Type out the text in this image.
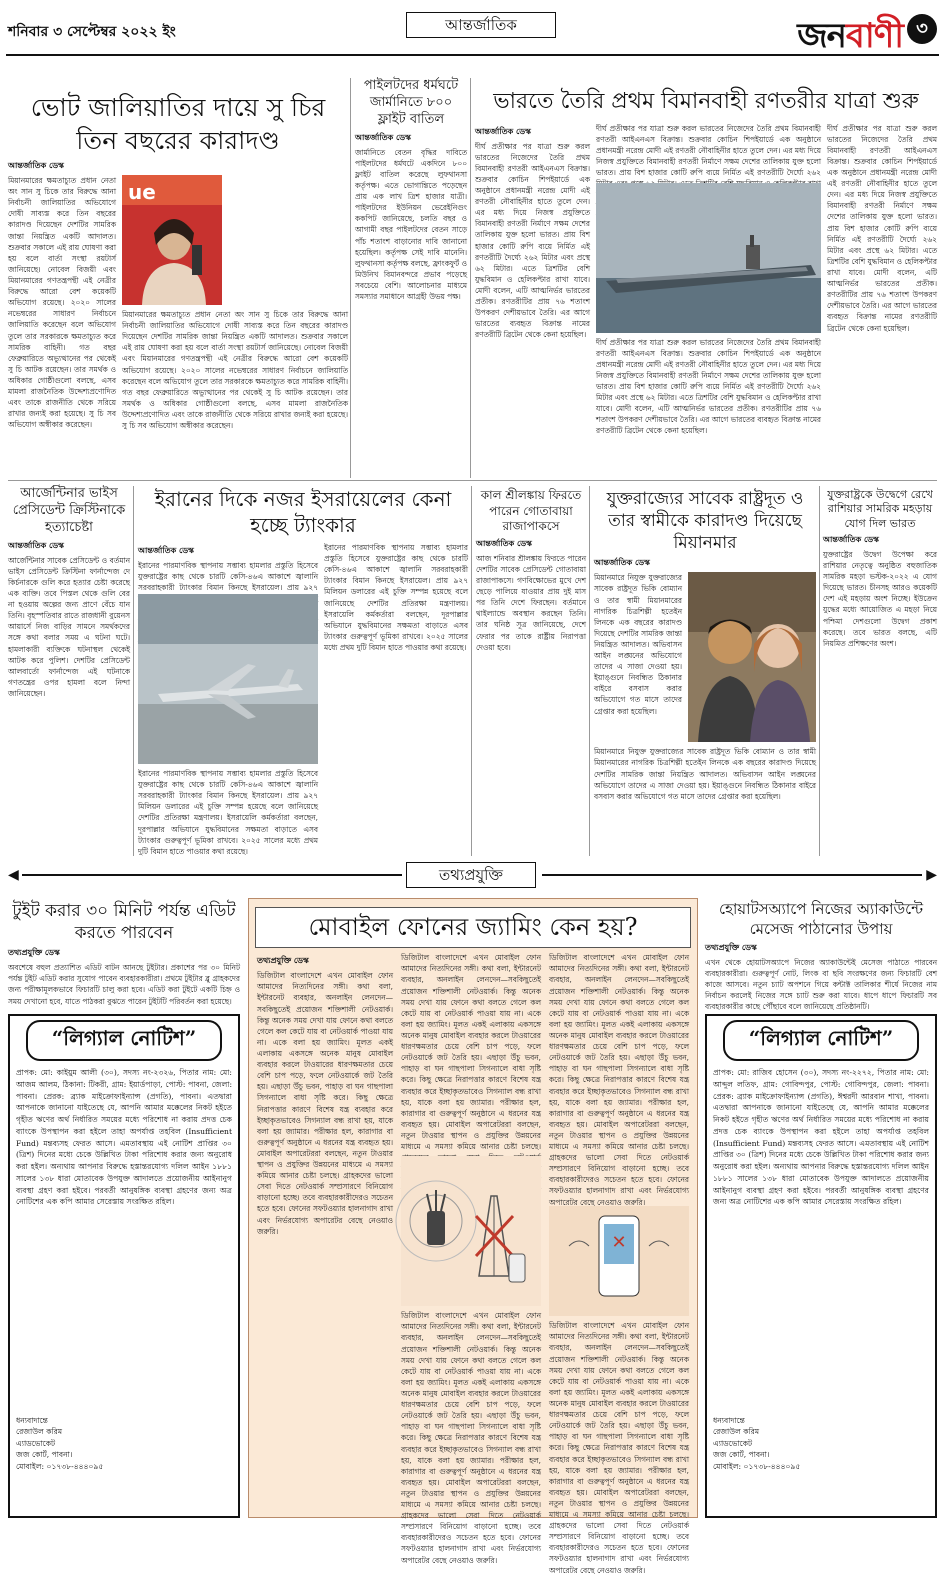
শনিবার ৩ সেপ্টেম্বর ২০২২ ইং	আন্তর্জাতিক	জনবাণী ৩
ভোট জালিয়াতির দায়ে সু চির তিন বছরের কারাদণ্ড
আন্তর্জাতিক ডেস্ক
মিয়ানমারের ক্ষমতাচ্যুত প্রধান নেতা অং সান সু চিকে তার বিরুদ্ধে আনা নির্বাচনী জালিয়াতির অভিযোগে দোষী সাব্যস্ত করে তিন বছরের কারাদণ্ড দিয়েছেন দেশটির সামরিক জান্তা নিয়ন্ত্রিত একটি আদালত। শুক্রবার সকালে এই রায় ঘোষণা করা হয় বলে বার্তা সংস্থা রয়টার্স জানিয়েছে। নোবেল বিজয়ী এবং মিয়ানমারের গণতন্ত্রপন্থী এই নেত্রীর বিরুদ্ধে আরো বেশ কয়েকটি অভিযোগ রয়েছে। ২০২০ সালের নভেম্বরের সাধারণ নির্বাচনে জালিয়াতি করেছেন বলে অভিযোগ তুলে তার সরকারকে ক্ষমতাচ্যুত করে সামরিক বাহিনী। গত বছর ফেব্রুয়ারিতে অভ্যুত্থানের পর থেকেই সু চি আটক রয়েছেন। তার সমর্থক ও অধিকার গোষ্ঠীগুলো বলছে, এসব মামলা রাজনৈতিক উদ্দেশ্যপ্রণোদিত এবং তাকে রাজনীতি থেকে সরিয়ে রাখার জন্যই করা হয়েছে। সু চি সব অভিযোগ অস্বীকার করেছেন।
ue
মিয়ানমারের ক্ষমতাচ্যুত প্রধান নেতা অং সান সু চিকে তার বিরুদ্ধে আনা নির্বাচনী জালিয়াতির অভিযোগে দোষী সাব্যস্ত করে তিন বছরের কারাদণ্ড দিয়েছেন দেশটির সামরিক জান্তা নিয়ন্ত্রিত একটি আদালত। শুক্রবার সকালে এই রায় ঘোষণা করা হয় বলে বার্তা সংস্থা রয়টার্স জানিয়েছে। নোবেল বিজয়ী এবং মিয়ানমারের গণতন্ত্রপন্থী এই নেত্রীর বিরুদ্ধে আরো বেশ কয়েকটি অভিযোগ রয়েছে। ২০২০ সালের নভেম্বরের সাধারণ নির্বাচনে জালিয়াতি করেছেন বলে অভিযোগ তুলে তার সরকারকে ক্ষমতাচ্যুত করে সামরিক বাহিনী। গত বছর ফেব্রুয়ারিতে অভ্যুত্থানের পর থেকেই সু চি আটক রয়েছেন। তার সমর্থক ও অধিকার গোষ্ঠীগুলো বলছে, এসব মামলা রাজনৈতিক উদ্দেশ্যপ্রণোদিত এবং তাকে রাজনীতি থেকে সরিয়ে রাখার জন্যই করা হয়েছে। সু চি সব অভিযোগ অস্বীকার করেছেন।
পাইলটদের ধর্মঘটে জার্মানিতে ৮০০ ফ্লাইট বাতিল
আন্তর্জাতিক ডেস্ক
জার্মানিতে বেতন বৃদ্ধির দাবিতে পাইলটদের ধর্মঘটে একদিনে ৮০০ ফ্লাইট বাতিল করেছে লুফথানসা কর্তৃপক্ষ। এতে ভোগান্তিতে পড়েছেন প্রায় এক লাখ ত্রিশ হাজার যাত্রী। পাইলটদের ইউনিয়ন ভেরেইনিগুং ককপিট জানিয়েছে, চলতি বছর ও আগামী বছর পাইলটদের বেতন সাড়ে পাঁচ শতাংশ বাড়ানোর দাবি জানানো হয়েছিল। কর্তৃপক্ষ সেই দাবি মানেনি। লুফথানসা কর্তৃপক্ষ বলছে, ফ্রাংকফুর্ট ও মিউনিখ বিমানবন্দরে প্রভাব পড়েছে সবচেয়ে বেশি। আলোচনার মাধ্যমে সমস্যার সমাধানে আগ্রহী উভয় পক্ষ।
ভারতে তৈরি প্রথম বিমানবাহী রণতরীর যাত্রা শুরু
আন্তর্জাতিক ডেস্ক
দীর্ঘ প্রতীক্ষার পর যাত্রা শুরু করল ভারতের নিজেদের তৈরি প্রথম বিমানবাহী রণতরী আইএনএস বিক্রান্ত। শুক্রবার কোচিন শিপইয়ার্ডে এক অনুষ্ঠানে প্রধানমন্ত্রী নরেন্দ্র মোদী এই রণতরী নৌবাহিনীর হাতে তুলে দেন। এর মধ্য দিয়ে নিজস্ব প্রযুক্তিতে বিমানবাহী রণতরী নির্মাণে সক্ষম দেশের তালিকায় যুক্ত হলো ভারত। প্রায় বিশ হাজার কোটি রুপি ব্যয়ে নির্মিত এই রণতরীটি দৈর্ঘ্যে ২৬২ মিটার এবং প্রস্থে ৬২ মিটার। এতে ত্রিশটির বেশি যুদ্ধবিমান ও হেলিকপ্টার রাখা যাবে। মোদী বলেন, এটি আত্মনির্ভর ভারতের প্রতীক। রণতরীটির প্রায় ৭৬ শতাংশ উপকরণ দেশীয়ভাবে তৈরি। এর আগে ভারতের ব্যবহৃত বিক্রান্ত নামের রণতরীটি ব্রিটেন থেকে কেনা হয়েছিল।
দীর্ঘ প্রতীক্ষার পর যাত্রা শুরু করল ভারতের নিজেদের তৈরি প্রথম বিমানবাহী রণতরী আইএনএস বিক্রান্ত। শুক্রবার কোচিন শিপইয়ার্ডে এক অনুষ্ঠানে প্রধানমন্ত্রী নরেন্দ্র মোদী এই রণতরী নৌবাহিনীর হাতে তুলে দেন। এর মধ্য দিয়ে নিজস্ব প্রযুক্তিতে বিমানবাহী রণতরী নির্মাণে সক্ষম দেশের তালিকায় যুক্ত হলো ভারত। প্রায় বিশ হাজার কোটি রুপি ব্যয়ে নির্মিত এই রণতরীটি দৈর্ঘ্যে ২৬২
দীর্ঘ প্রতীক্ষার পর যাত্রা শুরু করল ভারতের নিজেদের তৈরি প্রথম বিমানবাহী রণতরী আইএনএস বিক্রান্ত। শুক্রবার কোচিন শিপইয়ার্ডে এক অনুষ্ঠানে প্রধানমন্ত্রী নরেন্দ্র মোদী এই রণতরী নৌবাহিনীর হাতে তুলে দেন। এর মধ্য দিয়ে নিজস্ব প্রযুক্তিতে বিমানবাহী রণতরী নির্মাণে সক্ষম দেশের তালিকায় যুক্ত হলো ভারত। প্রায় বিশ হাজার কোটি রুপি ব্যয়ে নির্মিত এই রণতরীটি দৈর্ঘ্যে ২৬২ মিটার এবং প্রস্থে ৬২ মিটার। এতে ত্রিশটির বেশি যুদ্ধবিমান ও হেলিকপ্টার রাখা যাবে। মোদী বলেন, এটি আত্মনির্ভর ভারতের প্রতীক। রণতরীটির প্রায় ৭৬ শতাংশ উপকরণ দেশীয়ভাবে তৈরি। এর আগে ভারতের ব্যবহৃত বিক্রান্ত নামের রণতরীটি ব্রিটেন থেকে কেনা হয়েছিল।
দীর্ঘ প্রতীক্ষার পর যাত্রা শুরু করল ভারতের নিজেদের তৈরি প্রথম বিমানবাহী রণতরী আইএনএস বিক্রান্ত। শুক্রবার কোচিন শিপইয়ার্ডে এক অনুষ্ঠানে প্রধানমন্ত্রী নরেন্দ্র মোদী এই রণতরী নৌবাহিনীর হাতে তুলে দেন। এর মধ্য দিয়ে নিজস্ব প্রযুক্তিতে বিমানবাহী রণতরী নির্মাণে সক্ষম দেশের তালিকায় যুক্ত হলো ভারত। প্রায় বিশ হাজার কোটি রুপি ব্যয়ে নির্মিত এই রণতরীটি দৈর্ঘ্যে ২৬২ মিটার এবং প্রস্থে ৬২ মিটার। এতে ত্রিশটির বেশি যুদ্ধবিমান ও হেলিকপ্টার রাখা যাবে। মোদী বলেন, এটি আত্মনির্ভর ভারতের প্রতীক। রণতরীটির প্রায় ৭৬ শতাংশ উপকরণ দেশীয়ভাবে তৈরি। এর আগে ভারতের ব্যবহৃত বিক্রান্ত নামের রণতরীটি ব্রিটেন থেকে কেনা হয়েছিল।
আর্জেন্টিনার ভাইস প্রেসিডেন্ট ক্রিস্টিনাকে হত্যাচেষ্টা
আন্তর্জাতিক ডেস্ক
আর্জেন্টিনার সাবেক প্রেসিডেন্ট ও বর্তমান ভাইস প্রেসিডেন্ট ক্রিস্টিনা ফার্নান্দেজ দে কির্চনারকে গুলি করে হত্যার চেষ্টা করেছে এক ব্যক্তি। তবে পিস্তল থেকে গুলি বের না হওয়ায় অল্পের জন্য প্রাণে বেঁচে যান তিনি। বৃহস্পতিবার রাতে রাজধানী বুয়েনস আয়ার্সে নিজ বাড়ির সামনে সমর্থকদের সঙ্গে কথা বলার সময় এ ঘটনা ঘটে। হামলাকারী ব্যক্তিকে ঘটনাস্থল থেকেই আটক করে পুলিশ। দেশটির প্রেসিডেন্ট আলবার্তো ফার্নান্দেজ এই ঘটনাকে গণতন্ত্রের ওপর হামলা বলে নিন্দা জানিয়েছেন।
ইরানের দিকে নজর ইসরায়েলের কেনা হচ্ছে ট্যাংকার
আন্তর্জাতিক ডেস্ক
ইরানের পারমাণবিক স্থাপনায় সম্ভাব্য হামলার প্রস্তুতি হিসেবে যুক্তরাষ্ট্রের কাছ থেকে চারটি কেসি-৪৬এ আকাশে জ্বালানি সরবরাহকারী ট্যাংকার বিমান কিনছে ইসরায়েল। প্রায় ৯২৭
ইরানের পারমাণবিক স্থাপনায় সম্ভাব্য হামলার প্রস্তুতি হিসেবে যুক্তরাষ্ট্রের কাছ থেকে চারটি কেসি-৪৬এ আকাশে জ্বালানি সরবরাহকারী ট্যাংকার বিমান কিনছে ইসরায়েল। প্রায় ৯২৭ মিলিয়ন ডলারের এই চুক্তি সম্পন্ন হয়েছে বলে জানিয়েছে দেশটির প্রতিরক্ষা মন্ত্রণালয়। ইসরায়েলি কর্মকর্তারা বলছেন, দূরপাল্লার অভিযানে যুদ্ধবিমানের সক্ষমতা বাড়াতে এসব ট্যাংকার গুরুত্বপূর্ণ ভূমিকা রাখবে। ২০২৫ সালের মধ্যে প্রথম দুটি বিমান হাতে পাওয়ার কথা রয়েছে।
ইরানের পারমাণবিক স্থাপনায় সম্ভাব্য হামলার প্রস্তুতি হিসেবে যুক্তরাষ্ট্রের কাছ থেকে চারটি কেসি-৪৬এ আকাশে জ্বালানি সরবরাহকারী ট্যাংকার বিমান কিনছে ইসরায়েল। প্রায় ৯২৭ মিলিয়ন ডলারের এই চুক্তি সম্পন্ন হয়েছে বলে জানিয়েছে দেশটির প্রতিরক্ষা মন্ত্রণালয়। ইসরায়েলি কর্মকর্তারা বলছেন, দূরপাল্লার অভিযানে যুদ্ধবিমানের সক্ষমতা বাড়াতে এসব ট্যাংকার গুরুত্বপূর্ণ ভূমিকা রাখবে। ২০২৫ সালের মধ্যে প্রথম দুটি বিমান হাতে পাওয়ার কথা রয়েছে।
কাল শ্রীলঙ্কায় ফিরতে পারেন গোতাবায়া রাজাপাকসে
আন্তর্জাতিক ডেস্ক
আজ শনিবার শ্রীলঙ্কায় ফিরতে পারেন দেশটির সাবেক প্রেসিডেন্ট গোতাবায়া রাজাপাকসে। গণবিক্ষোভের মুখে দেশ ছেড়ে পালিয়ে যাওয়ার প্রায় দুই মাস পর তিনি দেশে ফিরছেন। বর্তমানে থাইল্যান্ডে অবস্থান করছেন তিনি। তার ঘনিষ্ঠ সূত্র জানিয়েছে, দেশে ফেরার পর তাকে রাষ্ট্রীয় নিরাপত্তা দেওয়া হবে।
যুক্তরাজ্যের সাবেক রাষ্ট্রদূত ও তার স্বামীকে কারাদণ্ড দিয়েছে মিয়ানমার
আন্তর্জাতিক ডেস্ক
মিয়ানমারে নিযুক্ত যুক্তরাজ্যের সাবেক রাষ্ট্রদূত ভিকি বোম্যান ও তার স্বামী মিয়ানমারের নাগরিক চিত্রশিল্পী হতেইন লিনকে এক বছরের কারাদণ্ড দিয়েছে দেশটির সামরিক জান্তা নিয়ন্ত্রিত আদালত। অভিবাসন আইন লঙ্ঘনের অভিযোগে তাদের এ সাজা দেওয়া হয়। ইয়াঙ্গুনে নিবন্ধিত ঠিকানার বাইরে বসবাস করার অভিযোগে গত মাসে তাদের গ্রেপ্তার করা হয়েছিল।
মিয়ানমারে নিযুক্ত যুক্তরাজ্যের সাবেক রাষ্ট্রদূত ভিকি বোম্যান ও তার স্বামী মিয়ানমারের নাগরিক চিত্রশিল্পী হতেইন লিনকে এক বছরের কারাদণ্ড দিয়েছে দেশটির সামরিক জান্তা নিয়ন্ত্রিত আদালত। অভিবাসন আইন লঙ্ঘনের অভিযোগে তাদের এ সাজা দেওয়া হয়। ইয়াঙ্গুনে নিবন্ধিত ঠিকানার বাইরে বসবাস করার অভিযোগে গত মাসে তাদের গ্রেপ্তার করা হয়েছিল।
যুক্তরাষ্ট্রকে উদ্বেগে রেখে রাশিয়ার সামরিক মহড়ায় যোগ দিল ভারত
আন্তর্জাতিক ডেস্ক
যুক্তরাষ্ট্রের উদ্বেগ উপেক্ষা করে রাশিয়ার নেতৃত্বে অনুষ্ঠিত বহুজাতিক সামরিক মহড়া ভস্টক-২০২২ এ যোগ দিয়েছে ভারত। চীনসহ আরও কয়েকটি দেশ এই মহড়ায় অংশ নিচ্ছে। ইউক্রেন যুদ্ধের মধ্যে আয়োজিত এ মহড়া নিয়ে পশ্চিমা দেশগুলো উদ্বেগ প্রকাশ করেছে। তবে ভারত বলছে, এটি নিয়মিত প্রশিক্ষণের অংশ।
◀	তথ্যপ্রযুক্তি	▶
টুইট করার ৩০ মিনিট পর্যন্ত এডিট করতে পারবেন
তথ্যপ্রযুক্তি ডেস্ক
অবশেষে বহুল প্রত্যাশিত এডিট বাটন আনছে টুইটার। প্রকাশের পর ৩০ মিনিট পর্যন্ত টুইট এডিট করার সুযোগ পাবেন ব্যবহারকারীরা। প্রথমে টুইটার ব্লু গ্রাহকদের জন্য পরীক্ষামূলকভাবে ফিচারটি চালু করা হবে। এডিট করা টুইটে একটি চিহ্ন ও সময় দেখানো হবে, যাতে পাঠকরা বুঝতে পারেন টুইটটি পরিবর্তন করা হয়েছে।
“লিগ্যাল নোটিশ”
প্রাপক: মো: কাইয়ুম আলী (৩০), সদস্য নং-২৩২৬, পিতার নাম: মো: আজম আলম, ঠিকানা: টিকরী, গ্রাম: ইয়ার্ডপাড়া, পোস্ট: পাবনা, জেলা: পাবনা। প্রেরক: ব্র্যাক মাইক্রোফাইন্যান্স (প্রগতি), পাবনা। এতদ্বারা আপনাকে জানানো যাইতেছে যে, আপনি আমার মক্কেলের নিকট হইতে গৃহীত ঋণের অর্থ নির্ধারিত সময়ের মধ্যে পরিশোধ না করায় প্রদত্ত চেক ব্যাংকে উপস্থাপন করা হইলে তাহা অপর্যাপ্ত তহবিল (Insufficient Fund) মন্তব্যসহ ফেরত আসে। এমতাবস্থায় এই নোটিশ প্রাপ্তির ৩০ (ত্রিশ) দিনের মধ্যে চেকে উল্লিখিত টাকা পরিশোধ করার জন্য অনুরোধ করা হইল। অন্যথায় আপনার বিরুদ্ধে হস্তান্তরযোগ্য দলিল আইন ১৮৮১ সালের ১৩৮ ধারা মোতাবেক উপযুক্ত আদালতে প্রয়োজনীয় আইনানুগ ব্যবস্থা গ্রহণ করা হইবে। পরবর্তী আনুষঙ্গিক ব্যবস্থা গ্রহণের জন্য অত্র নোটিশের এক কপি আমার সেরেস্তায় সংরক্ষিত রহিল।
ধন্যবাদান্তে
রেজাউল করিম
এ্যাডভোকেট
জজ কোর্ট, পাবনা।
মোবাইল: ০১৭৩৮-৪৪৪০৯৫
মোবাইল ফোনের জ্যামিং কেন হয়?
তথ্যপ্রযুক্তি ডেস্ক
ডিজিটাল বাংলাদেশে এখন মোবাইল ফোন আমাদের নিত্যদিনের সঙ্গী। কথা বলা, ইন্টারনেট ব্যবহার, অনলাইন লেনদেন—সবকিছুতেই প্রয়োজন শক্তিশালী নেটওয়ার্ক। কিন্তু অনেক সময় দেখা যায় ফোনে কথা বলতে গেলে কল কেটে যায় বা নেটওয়ার্ক পাওয়া যায় না। একে বলা হয় জ্যামিং। মূলত একই এলাকায় একসঙ্গে অনেক মানুষ মোবাইল ব্যবহার করলে টাওয়ারের ধারণক্ষমতার চেয়ে বেশি চাপ পড়ে, ফলে নেটওয়ার্কে জট তৈরি হয়। এছাড়া উঁচু ভবন, পাহাড় বা ঘন গাছপালা সিগন্যালে বাধা সৃষ্টি করে। কিছু ক্ষেত্রে নিরাপত্তার কারণে বিশেষ যন্ত্র ব্যবহার করে ইচ্ছাকৃতভাবেও সিগন্যাল বন্ধ রাখা হয়, যাকে বলা হয় জ্যামার। পরীক্ষার হল, কারাগার বা গুরুত্বপূর্ণ অনুষ্ঠানে এ ধরনের যন্ত্র ব্যবহৃত হয়। মোবাইল অপারেটররা বলছেন, নতুন টাওয়ার স্থাপন ও প্রযুক্তির উন্নয়নের মাধ্যমে এ সমস্যা কমিয়ে আনার চেষ্টা চলছে। গ্রাহকদের ভালো সেবা দিতে নেটওয়ার্ক সম্প্রসারণে বিনিয়োগ বাড়ানো হচ্ছে। তবে ব্যবহারকারীদেরও সচেতন হতে হবে। ফোনের সফটওয়্যার হালনাগাদ রাখা এবং নির্ভরযোগ্য অপারেটর বেছে নেওয়াও জরুরি।
ডিজিটাল বাংলাদেশে এখন মোবাইল ফোন আমাদের নিত্যদিনের সঙ্গী। কথা বলা, ইন্টারনেট ব্যবহার, অনলাইন লেনদেন—সবকিছুতেই প্রয়োজন শক্তিশালী নেটওয়ার্ক। কিন্তু অনেক সময় দেখা যায় ফোনে কথা বলতে গেলে কল কেটে যায় বা নেটওয়ার্ক পাওয়া যায় না। একে বলা হয় জ্যামিং। মূলত একই এলাকায় একসঙ্গে অনেক মানুষ মোবাইল ব্যবহার করলে টাওয়ারের ধারণক্ষমতার চেয়ে বেশি চাপ পড়ে, ফলে নেটওয়ার্কে জট তৈরি হয়। এছাড়া উঁচু ভবন, পাহাড় বা ঘন গাছপালা সিগন্যালে বাধা সৃষ্টি করে। কিছু ক্ষেত্রে নিরাপত্তার কারণে বিশেষ যন্ত্র ব্যবহার করে ইচ্ছাকৃতভাবেও সিগন্যাল বন্ধ রাখা হয়, যাকে বলা হয় জ্যামার। পরীক্ষার হল, কারাগার বা গুরুত্বপূর্ণ অনুষ্ঠানে এ ধরনের যন্ত্র ব্যবহৃত হয়। মোবাইল অপারেটররা বলছেন, নতুন টাওয়ার স্থাপন ও প্রযুক্তির উন্নয়নের মাধ্যমে এ সমস্যা কমিয়ে আনার চেষ্টা চলছে।
ডিজিটাল বাংলাদেশে এখন মোবাইল ফোন আমাদের নিত্যদিনের সঙ্গী। কথা বলা, ইন্টারনেট ব্যবহার, অনলাইন লেনদেন—সবকিছুতেই প্রয়োজন শক্তিশালী নেটওয়ার্ক। কিন্তু অনেক সময় দেখা যায় ফোনে কথা বলতে গেলে কল কেটে যায় বা নেটওয়ার্ক পাওয়া যায় না। একে বলা হয় জ্যামিং। মূলত একই এলাকায় একসঙ্গে অনেক মানুষ মোবাইল ব্যবহার করলে টাওয়ারের ধারণক্ষমতার চেয়ে বেশি চাপ পড়ে, ফলে নেটওয়ার্কে জট তৈরি হয়। এছাড়া উঁচু ভবন, পাহাড় বা ঘন গাছপালা সিগন্যালে বাধা সৃষ্টি করে। কিছু ক্ষেত্রে নিরাপত্তার কারণে বিশেষ যন্ত্র ব্যবহার করে ইচ্ছাকৃতভাবেও সিগন্যাল বন্ধ রাখা হয়, যাকে বলা হয় জ্যামার। পরীক্ষার হল, কারাগার বা গুরুত্বপূর্ণ অনুষ্ঠানে এ ধরনের যন্ত্র ব্যবহৃত হয়। মোবাইল অপারেটররা বলছেন, নতুন টাওয়ার স্থাপন ও প্রযুক্তির উন্নয়নের মাধ্যমে এ সমস্যা কমিয়ে আনার চেষ্টা চলছে। গ্রাহকদের ভালো সেবা দিতে নেটওয়ার্ক সম্প্রসারণে বিনিয়োগ বাড়ানো হচ্ছে। তবে ব্যবহারকারীদেরও সচেতন হতে হবে। ফোনের সফটওয়্যার হালনাগাদ রাখা এবং নির্ভরযোগ্য অপারেটর বেছে নেওয়াও জরুরি।
ডিজিটাল বাংলাদেশে এখন মোবাইল ফোন আমাদের নিত্যদিনের সঙ্গী। কথা বলা, ইন্টারনেট ব্যবহার, অনলাইন লেনদেন—সবকিছুতেই প্রয়োজন শক্তিশালী নেটওয়ার্ক। কিন্তু অনেক সময় দেখা যায় ফোনে কথা বলতে গেলে কল কেটে যায় বা নেটওয়ার্ক পাওয়া যায় না। একে বলা হয় জ্যামিং। মূলত একই এলাকায় একসঙ্গে অনেক মানুষ মোবাইল ব্যবহার করলে টাওয়ারের ধারণক্ষমতার চেয়ে বেশি চাপ পড়ে, ফলে নেটওয়ার্কে জট তৈরি হয়। এছাড়া উঁচু ভবন, পাহাড় বা ঘন গাছপালা সিগন্যালে বাধা সৃষ্টি করে। কিছু ক্ষেত্রে নিরাপত্তার কারণে বিশেষ যন্ত্র ব্যবহার করে ইচ্ছাকৃতভাবেও সিগন্যাল বন্ধ রাখা হয়, যাকে বলা হয় জ্যামার। পরীক্ষার হল, কারাগার বা গুরুত্বপূর্ণ অনুষ্ঠানে এ ধরনের যন্ত্র ব্যবহৃত হয়। মোবাইল অপারেটররা বলছেন, নতুন টাওয়ার স্থাপন ও প্রযুক্তির উন্নয়নের মাধ্যমে এ সমস্যা কমিয়ে আনার চেষ্টা চলছে। গ্রাহকদের ভালো সেবা দিতে নেটওয়ার্ক সম্প্রসারণে বিনিয়োগ বাড়ানো হচ্ছে। তবে ব্যবহারকারীদেরও সচেতন হতে হবে। ফোনের সফটওয়্যার হালনাগাদ রাখা এবং নির্ভরযোগ্য অপারেটর বেছে নেওয়াও জরুরি।
✕
ডিজিটাল বাংলাদেশে এখন মোবাইল ফোন আমাদের নিত্যদিনের সঙ্গী। কথা বলা, ইন্টারনেট ব্যবহার, অনলাইন লেনদেন—সবকিছুতেই প্রয়োজন শক্তিশালী নেটওয়ার্ক। কিন্তু অনেক সময় দেখা যায় ফোনে কথা বলতে গেলে কল কেটে যায় বা নেটওয়ার্ক পাওয়া যায় না। একে বলা হয় জ্যামিং। মূলত একই এলাকায় একসঙ্গে অনেক মানুষ মোবাইল ব্যবহার করলে টাওয়ারের ধারণক্ষমতার চেয়ে বেশি চাপ পড়ে, ফলে নেটওয়ার্কে জট তৈরি হয়। এছাড়া উঁচু ভবন, পাহাড় বা ঘন গাছপালা সিগন্যালে বাধা সৃষ্টি করে। কিছু ক্ষেত্রে নিরাপত্তার কারণে বিশেষ যন্ত্র ব্যবহার করে ইচ্ছাকৃতভাবেও সিগন্যাল বন্ধ রাখা হয়, যাকে বলা হয় জ্যামার। পরীক্ষার হল, কারাগার বা গুরুত্বপূর্ণ অনুষ্ঠানে এ ধরনের যন্ত্র ব্যবহৃত হয়। মোবাইল অপারেটররা বলছেন, নতুন টাওয়ার স্থাপন ও প্রযুক্তির উন্নয়নের মাধ্যমে এ সমস্যা কমিয়ে আনার চেষ্টা চলছে। গ্রাহকদের ভালো সেবা দিতে নেটওয়ার্ক সম্প্রসারণে বিনিয়োগ বাড়ানো হচ্ছে। তবে ব্যবহারকারীদেরও সচেতন হতে হবে। ফোনের সফটওয়্যার হালনাগাদ রাখা এবং নির্ভরযোগ্য অপারেটর বেছে নেওয়াও জরুরি।
হোয়াটসঅ্যাপে নিজের অ্যাকাউন্টে মেসেজ পাঠানোর উপায়
তথ্যপ্রযুক্তি ডেস্ক
এখন থেকে হোয়াটসঅ্যাপে নিজের অ্যাকাউন্টেই মেসেজ পাঠাতে পারবেন ব্যবহারকারীরা। গুরুত্বপূর্ণ নোট, লিংক বা ছবি সংরক্ষণের জন্য ফিচারটি বেশ কাজে আসবে। নতুন চ্যাট অপশনে গিয়ে কন্টাক্ট তালিকার শীর্ষে নিজের নাম নির্বাচন করলেই নিজের সঙ্গে চ্যাট শুরু করা যাবে। ধাপে ধাপে ফিচারটি সব ব্যবহারকারীর কাছে পৌঁছাবে বলে জানিয়েছে প্রতিষ্ঠানটি।
“লিগ্যাল নোটিশ”
প্রাপক: মো: রাজিব হোসেন (৩০), সদস্য নং-২২৭২, পিতার নাম: মো: আব্দুল লতিফ, গ্রাম: গোবিন্দপুর, পোস্ট: গোবিন্দপুর, জেলা: পাবনা। প্রেরক: ব্র্যাক মাইক্রোফাইন্যান্স (প্রগতি), ঈশ্বরদী আরবান শাখা, পাবনা। এতদ্বারা আপনাকে জানানো যাইতেছে যে, আপনি আমার মক্কেলের নিকট হইতে গৃহীত ঋণের অর্থ নির্ধারিত সময়ের মধ্যে পরিশোধ না করায় প্রদত্ত চেক ব্যাংকে উপস্থাপন করা হইলে তাহা অপর্যাপ্ত তহবিল (Insufficient Fund) মন্তব্যসহ ফেরত আসে। এমতাবস্থায় এই নোটিশ প্রাপ্তির ৩০ (ত্রিশ) দিনের মধ্যে চেকে উল্লিখিত টাকা পরিশোধ করার জন্য অনুরোধ করা হইল। অন্যথায় আপনার বিরুদ্ধে হস্তান্তরযোগ্য দলিল আইন ১৮৮১ সালের ১৩৮ ধারা মোতাবেক উপযুক্ত আদালতে প্রয়োজনীয় আইনানুগ ব্যবস্থা গ্রহণ করা হইবে। পরবর্তী আনুষঙ্গিক ব্যবস্থা গ্রহণের জন্য অত্র নোটিশের এক কপি আমার সেরেস্তায় সংরক্ষিত রহিল।
ধন্যবাদান্তে
রেজাউল করিম
এ্যাডভোকেট
জজ কোর্ট, পাবনা।
মোবাইল: ০১৭৩৮-৪৪৪০৯৫
